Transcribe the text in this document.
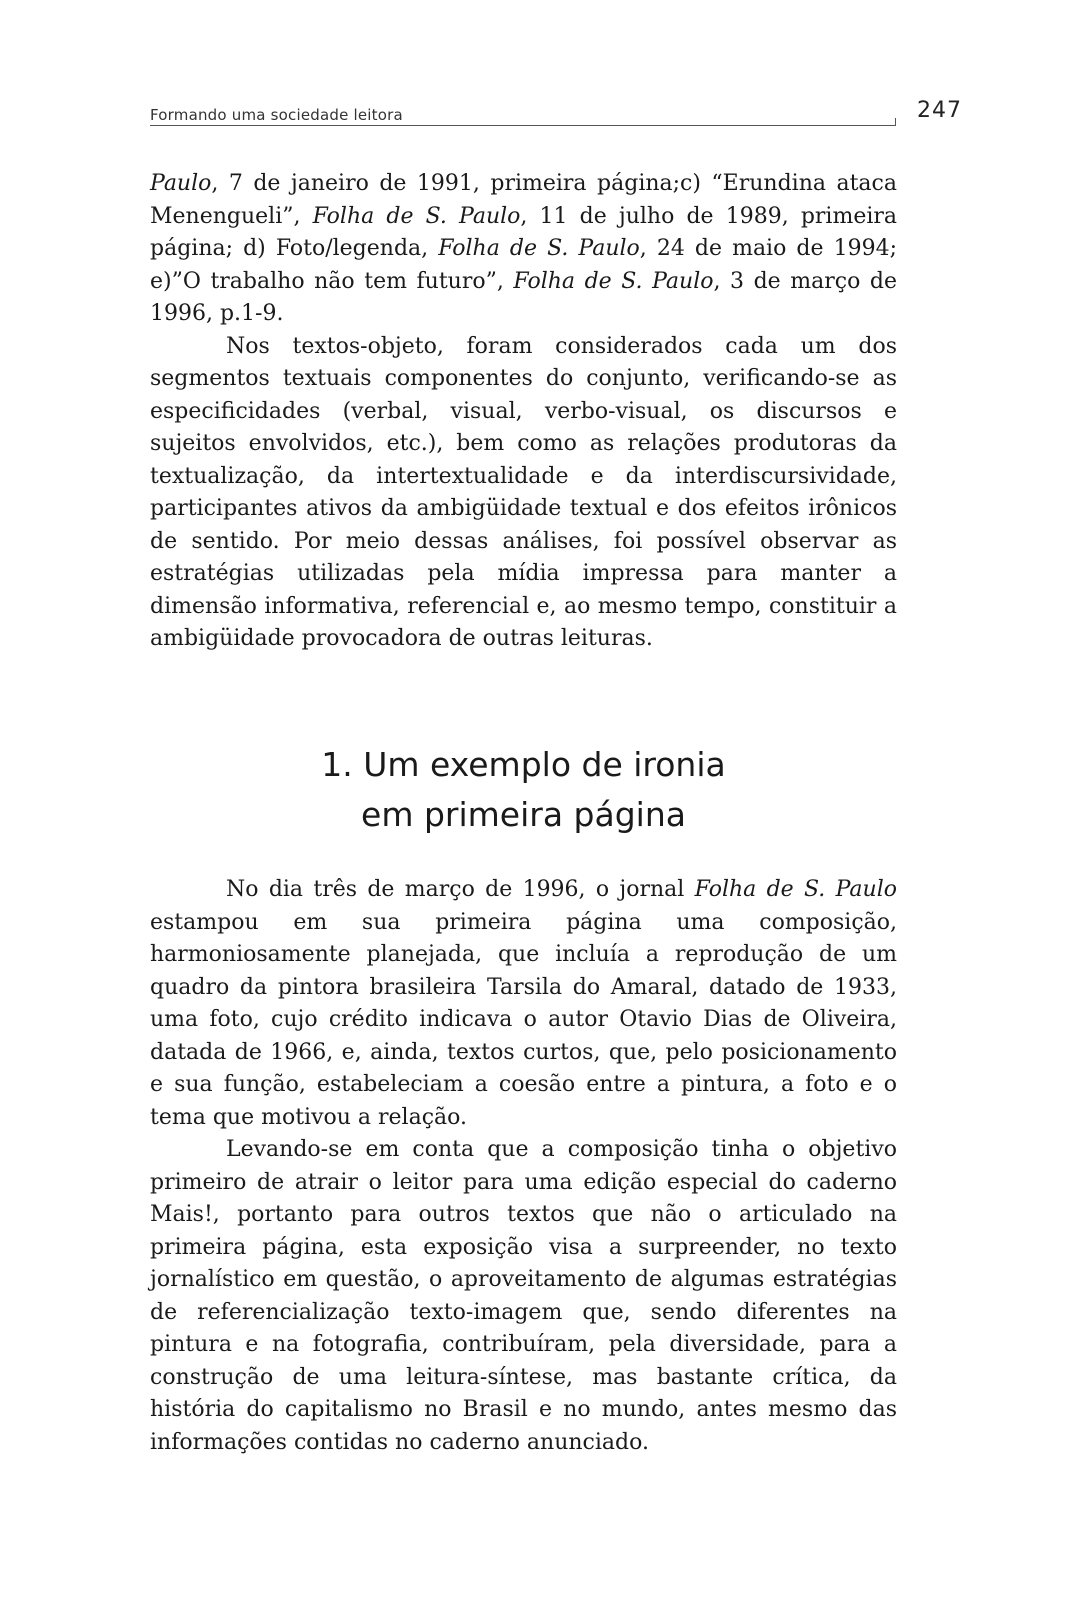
Formando uma sociedade leitora	247

Paulo, 7 de janeiro de 1991, primeira página;c) “Erundina ataca Menengueli”, Folha de S. Paulo, 11 de julho de 1989, primeira página; d) Foto/legenda, Folha de S. Paulo, 24 de maio de 1994; e)”O trabalho não tem futuro”, Folha de S. Paulo, 3 de março de 1996, p.1-9.

Nos textos-objeto, foram considerados cada um dos segmentos textuais componentes do conjunto, verificando-se as especificidades (verbal, visual, verbo-visual, os discursos e sujeitos envolvidos, etc.), bem como as relações produtoras da textualização, da intertextualidade e da interdiscursividade, participantes ativos da ambigüidade textual e dos efeitos irônicos de sentido. Por meio dessas análises, foi possível observar as estratégias utilizadas pela mídia impressa para manter a dimensão informativa, referencial e, ao mesmo tempo, constituir a ambigüidade provocadora de outras leituras.

1. Um exemplo de ironia
em primeira página

No dia três de março de 1996, o jornal Folha de S. Paulo estampou em sua primeira página uma composição, harmoniosamente planejada, que incluía a reprodução de um quadro da pintora brasileira Tarsila do Amaral, datado de 1933, uma foto, cujo crédito indicava o autor Otavio Dias de Oliveira, datada de 1966, e, ainda, textos curtos, que, pelo posicionamento e sua função, estabeleciam a coesão entre a pintura, a foto e o tema que motivou a relação.

Levando-se em conta que a composição tinha o objetivo primeiro de atrair o leitor para uma edição especial do caderno Mais!, portanto para outros textos que não o articulado na primeira página, esta exposição visa a surpreender, no texto jornalístico em questão, o aproveitamento de algumas estratégias de referencialização texto-imagem que, sendo diferentes na pintura e na fotografia, contribuíram, pela diversidade, para a construção de uma leitura-síntese, mas bastante crítica, da história do capitalismo no Brasil e no mundo, antes mesmo das informações contidas no caderno anunciado.
